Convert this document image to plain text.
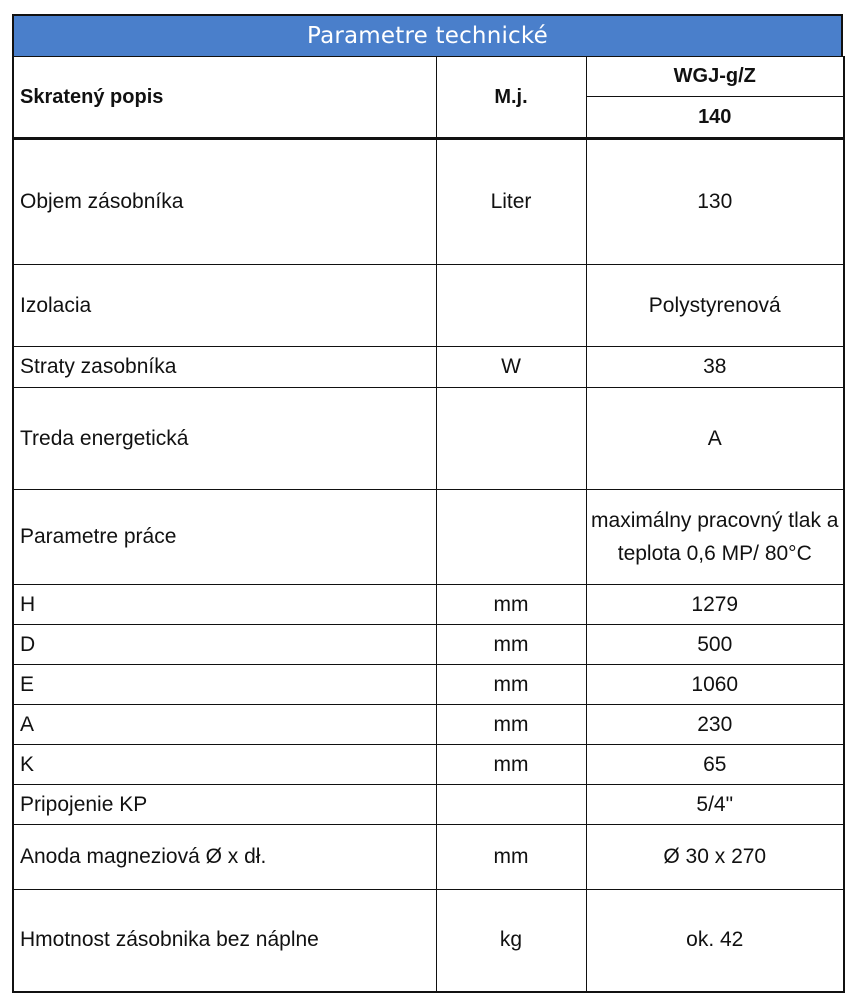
Parametre technické
Skratený popis	M.j.	WGJ-g/Z
		140
Objem zásobníka	Liter	130
Izolacia		Polystyrenová
Straty zasobníka	W	38
Treda energetická		A
Parametre práce		maximálny pracovný tlak a teplota 0,6 MP/ 80°C
H	mm	1279
D	mm	500
E	mm	1060
A	mm	230
K	mm	65
Pripojenie KP		5/4"
Anoda magneziová Ø x dł.	mm	Ø 30 x 270
Hmotnost zásobnika bez náplne	kg	ok. 42
